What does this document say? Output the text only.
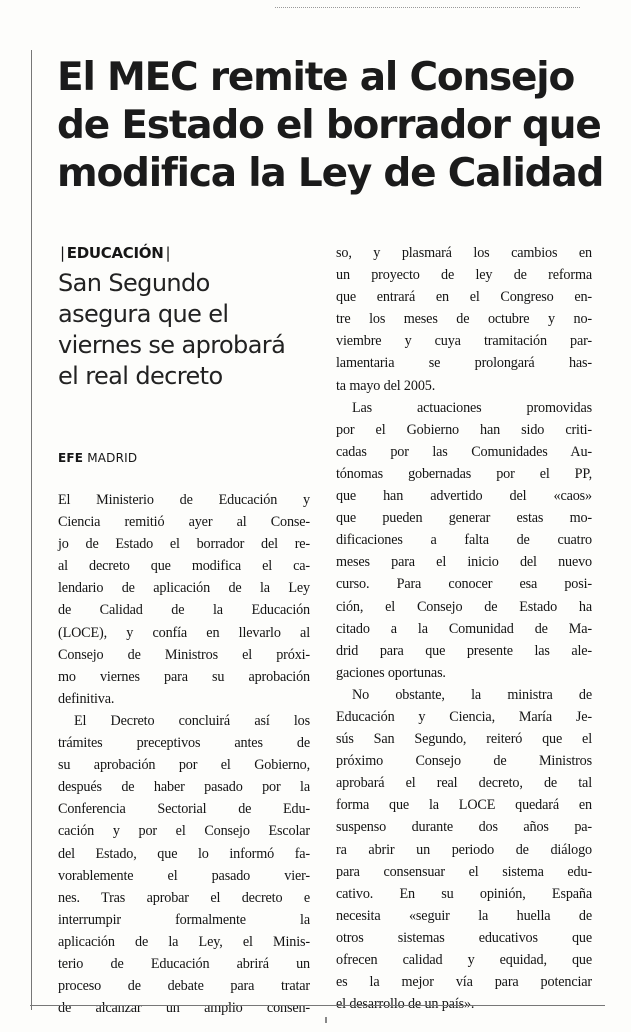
El MEC remite al Consejo
de Estado el borrador que
modifica la Ley de Calidad
| EDUCACIÓN |
San Segundo
asegura que el
viernes se aprobará
el real decreto
EFE MADRID
El Ministerio de Educación y
Ciencia remitió ayer al Conse-
jo de Estado el borrador del re-
al decreto que modifica el ca-
lendario de aplicación de la Ley
de Calidad de la Educación
(LOCE), y confía en llevarlo al
Consejo de Ministros el próxi-
mo viernes para su aprobación
definitiva.
El Decreto concluirá así los
trámites preceptivos antes de
su aprobación por el Gobierno,
después de haber pasado por la
Conferencia Sectorial de Edu-
cación y por el Consejo Escolar
del Estado, que lo informó fa-
vorablemente el pasado vier-
nes. Tras aprobar el decreto e
interrumpir formalmente la
aplicación de la Ley, el Minis-
terio de Educación abrirá un
proceso de debate para tratar
de alcanzar un amplio consen-
so, y plasmará los cambios en
un proyecto de ley de reforma
que entrará en el Congreso en-
tre los meses de octubre y no-
viembre y cuya tramitación par-
lamentaria se prolongará has-
ta mayo del 2005.
Las actuaciones promovidas
por el Gobierno han sido criti-
cadas por las Comunidades Au-
tónomas gobernadas por el PP,
que han advertido del «caos»
que pueden generar estas mo-
dificaciones a falta de cuatro
meses para el inicio del nuevo
curso. Para conocer esa posi-
ción, el Consejo de Estado ha
citado a la Comunidad de Ma-
drid para que presente las ale-
gaciones oportunas.
No obstante, la ministra de
Educación y Ciencia, María Je-
sús San Segundo, reiteró que el
próximo Consejo de Ministros
aprobará el real decreto, de tal
forma que la LOCE quedará en
suspenso durante dos años pa-
ra abrir un periodo de diálogo
para consensuar el sistema edu-
cativo. En su opinión, España
necesita «seguir la huella de
otros sistemas educativos que
ofrecen calidad y equidad, que
es la mejor vía para potenciar
el desarrollo de un país».
